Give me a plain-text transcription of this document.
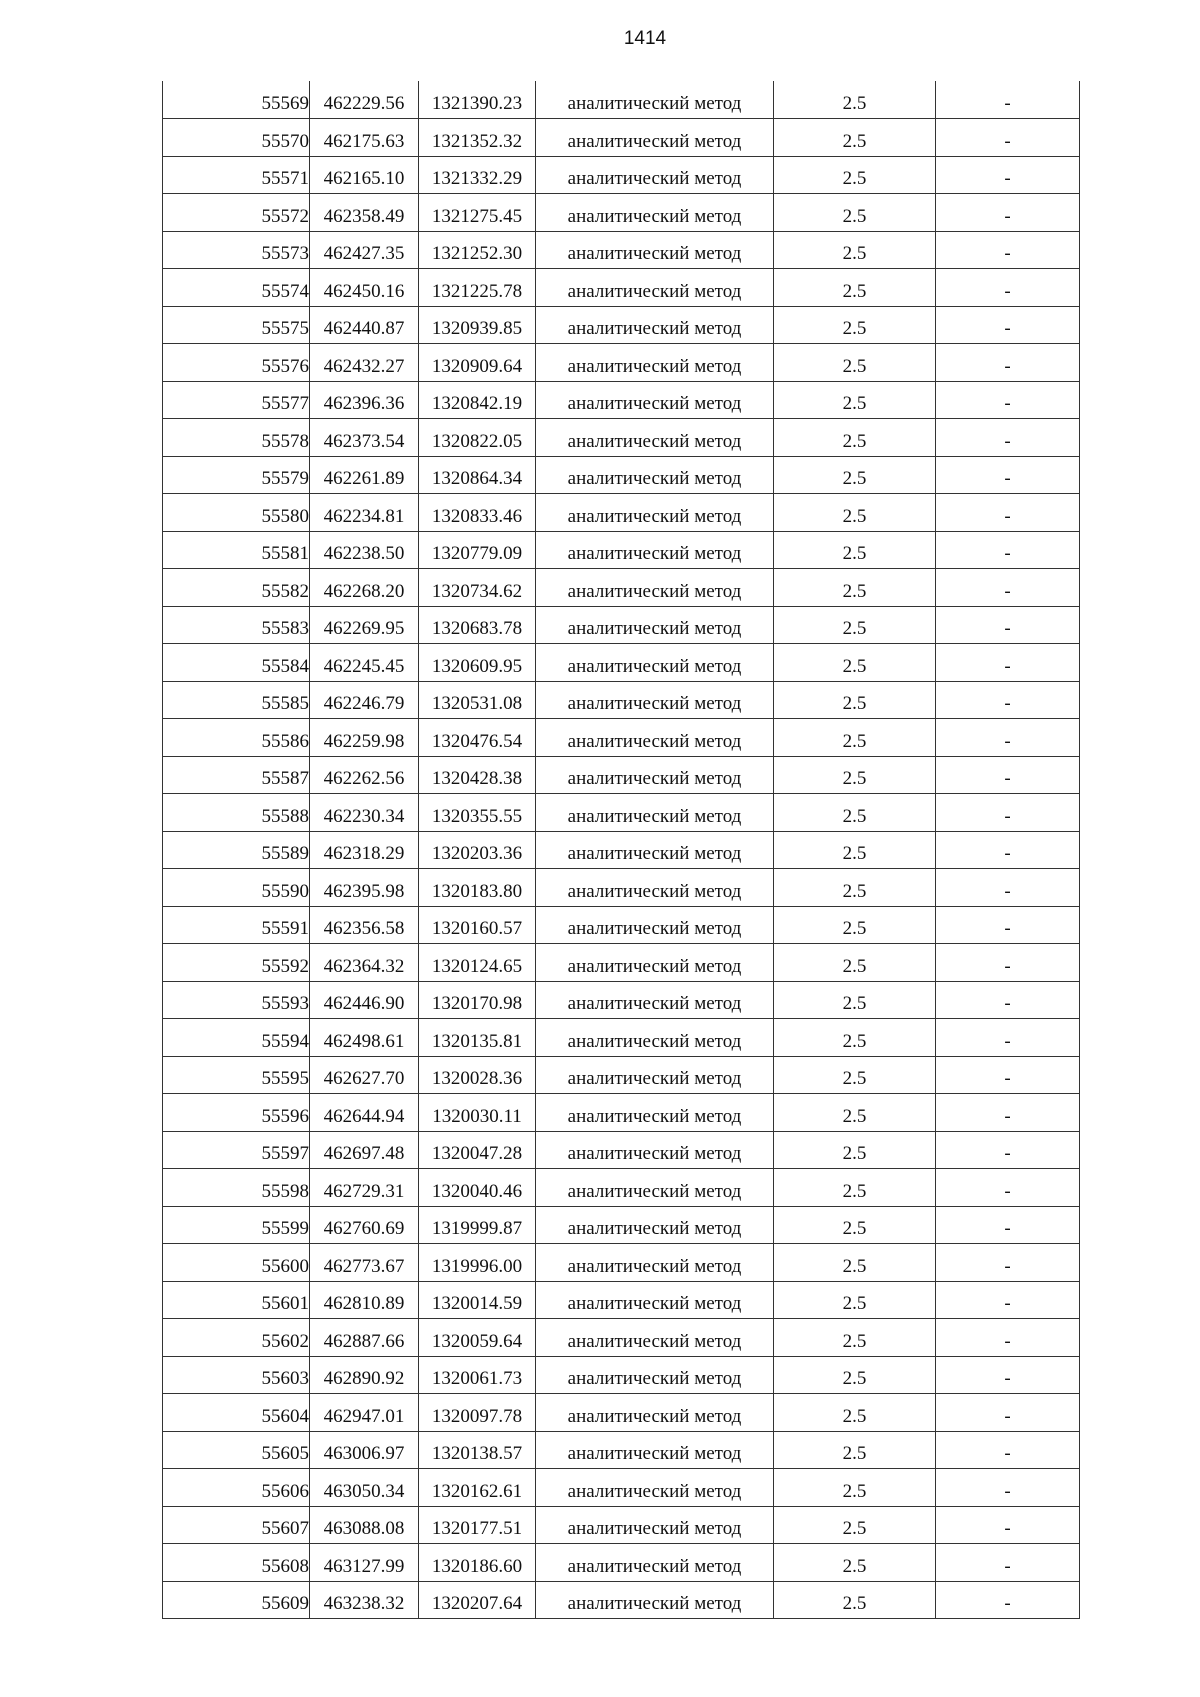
1414
55569	462229.56	1321390.23	аналитический метод	2.5	-
55570	462175.63	1321352.32	аналитический метод	2.5	-
55571	462165.10	1321332.29	аналитический метод	2.5	-
55572	462358.49	1321275.45	аналитический метод	2.5	-
55573	462427.35	1321252.30	аналитический метод	2.5	-
55574	462450.16	1321225.78	аналитический метод	2.5	-
55575	462440.87	1320939.85	аналитический метод	2.5	-
55576	462432.27	1320909.64	аналитический метод	2.5	-
55577	462396.36	1320842.19	аналитический метод	2.5	-
55578	462373.54	1320822.05	аналитический метод	2.5	-
55579	462261.89	1320864.34	аналитический метод	2.5	-
55580	462234.81	1320833.46	аналитический метод	2.5	-
55581	462238.50	1320779.09	аналитический метод	2.5	-
55582	462268.20	1320734.62	аналитический метод	2.5	-
55583	462269.95	1320683.78	аналитический метод	2.5	-
55584	462245.45	1320609.95	аналитический метод	2.5	-
55585	462246.79	1320531.08	аналитический метод	2.5	-
55586	462259.98	1320476.54	аналитический метод	2.5	-
55587	462262.56	1320428.38	аналитический метод	2.5	-
55588	462230.34	1320355.55	аналитический метод	2.5	-
55589	462318.29	1320203.36	аналитический метод	2.5	-
55590	462395.98	1320183.80	аналитический метод	2.5	-
55591	462356.58	1320160.57	аналитический метод	2.5	-
55592	462364.32	1320124.65	аналитический метод	2.5	-
55593	462446.90	1320170.98	аналитический метод	2.5	-
55594	462498.61	1320135.81	аналитический метод	2.5	-
55595	462627.70	1320028.36	аналитический метод	2.5	-
55596	462644.94	1320030.11	аналитический метод	2.5	-
55597	462697.48	1320047.28	аналитический метод	2.5	-
55598	462729.31	1320040.46	аналитический метод	2.5	-
55599	462760.69	1319999.87	аналитический метод	2.5	-
55600	462773.67	1319996.00	аналитический метод	2.5	-
55601	462810.89	1320014.59	аналитический метод	2.5	-
55602	462887.66	1320059.64	аналитический метод	2.5	-
55603	462890.92	1320061.73	аналитический метод	2.5	-
55604	462947.01	1320097.78	аналитический метод	2.5	-
55605	463006.97	1320138.57	аналитический метод	2.5	-
55606	463050.34	1320162.61	аналитический метод	2.5	-
55607	463088.08	1320177.51	аналитический метод	2.5	-
55608	463127.99	1320186.60	аналитический метод	2.5	-
55609	463238.32	1320207.64	аналитический метод	2.5	-
